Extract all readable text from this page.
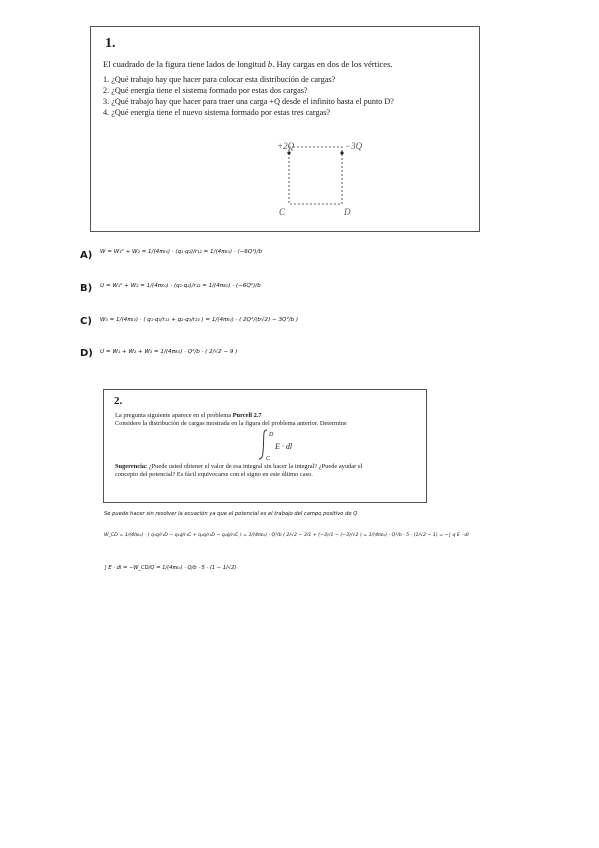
1.
El cuadrado de la figura tiene lados de longitud b. Hay cargas en dos de los vértices.
1. ¿Qué trabajo hay que hacer para colocar esta distribución de cargas?
2. ¿Qué energía tiene el sistema formado por estas dos cargas?
3. ¿Qué trabajo hay que hacer para traer una carga +Q desde el infinito hasta el punto D?
4. ¿Qué energía tiene el nuevo sistema formado por estas tres cargas?
+2Q	−3Q
C	D
A) W = W₁⁰ + W₂ = 1/(4πε₀) · (q₁·q₂)/r₁₂ = 1/(4πε₀) · (−6Q²)/b
B) U = W₁⁰ + W₂ = 1/(4πε₀) · (q₁·q₂)/r₁₂ = 1/(4πε₀) · (−6Q²)/b
C) W₃ = 1/(4πε₀) · ( q₁·q₃/r₁₃ + q₂·q₃/r₂₃ ) = 1/(4πε₀) · ( 2Q²/(b√2) − 3Q²/b )
D) U = W₁ + W₂ + W₃ = 1/(4πε₀) · Q²/b · ( 2/√2 − 9 )
2.
La pregunta siguiente aparece en el problema Purcell 2.7
Considere la distribución de cargas mostrada en la figura del problema anterior. Determine
D
C
E · dl
Sugerencia: ¿Puede usted obtener el valor de esa integral sin hacer la integral? ¿Puede ayudar el
concepto del potencial? Es fácil equivocarse con el signo en este último caso.
Se puede hacer sin resolver la ecuación ya que el potencial es el trabajo del campo positivo de Q
W_CD = 1/(4πε₀) · ( q₁q/r₁D − q₁q/r₁C + q₂q/r₂D − q₂q/r₂C ) = 1/(4πε₀) · Q²/b ( 2/√2 − 3/1 + (−3)/1 − (−3)/√2 ) = 1/(4πε₀) · Q²/b · 5 · (1/√2 − 1) = −∫ q E · dl
∫ E · dl = −W_CD/Q = 1/(4πε₀) · Q/b · 5 · (1 − 1/√2)
